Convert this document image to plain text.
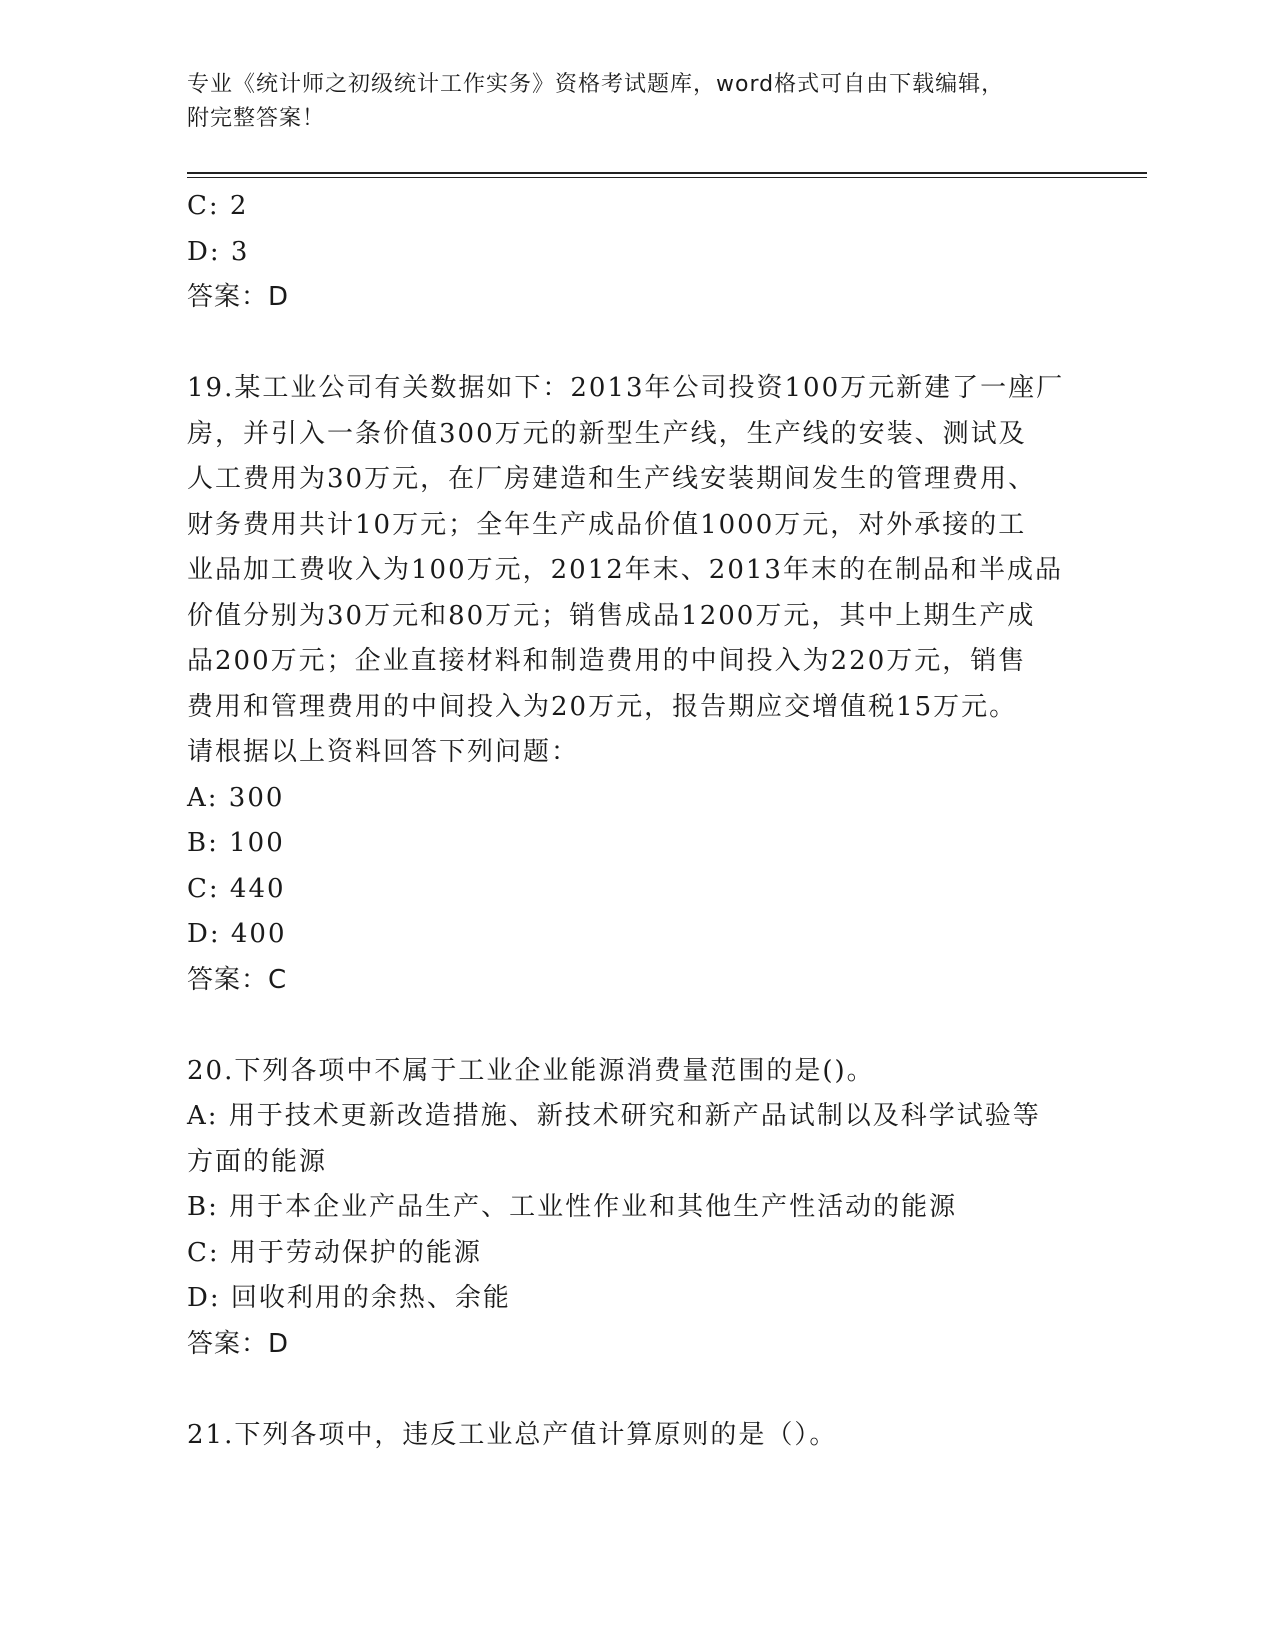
专业《统计师之初级统计工作实务》资格考试题库，word格式可自由下载编辑，
附完整答案！
C: 2
D: 3
答案：D
19.某工业公司有关数据如下：2013年公司投资100万元新建了一座厂
房，并引入一条价值300万元的新型生产线，生产线的安装、测试及
人工费用为30万元，在厂房建造和生产线安装期间发生的管理费用、
财务费用共计10万元；全年生产成品价值1000万元，对外承接的工
业品加工费收入为100万元，2012年末、2013年末的在制品和半成品
价值分别为30万元和80万元；销售成品1200万元，其中上期生产成
品200万元；企业直接材料和制造费用的中间投入为220万元，销售
费用和管理费用的中间投入为20万元，报告期应交增值税15万元。
请根据以上资料回答下列问题：
A: 300
B: 100
C: 440
D: 400
答案：C
20.下列各项中不属于工业企业能源消费量范围的是()。
A: 用于技术更新改造措施、新技术研究和新产品试制以及科学试验等
方面的能源
B: 用于本企业产品生产、工业性作业和其他生产性活动的能源
C: 用于劳动保护的能源
D: 回收利用的余热、余能
答案：D
21.下列各项中，违反工业总产值计算原则的是（）。
